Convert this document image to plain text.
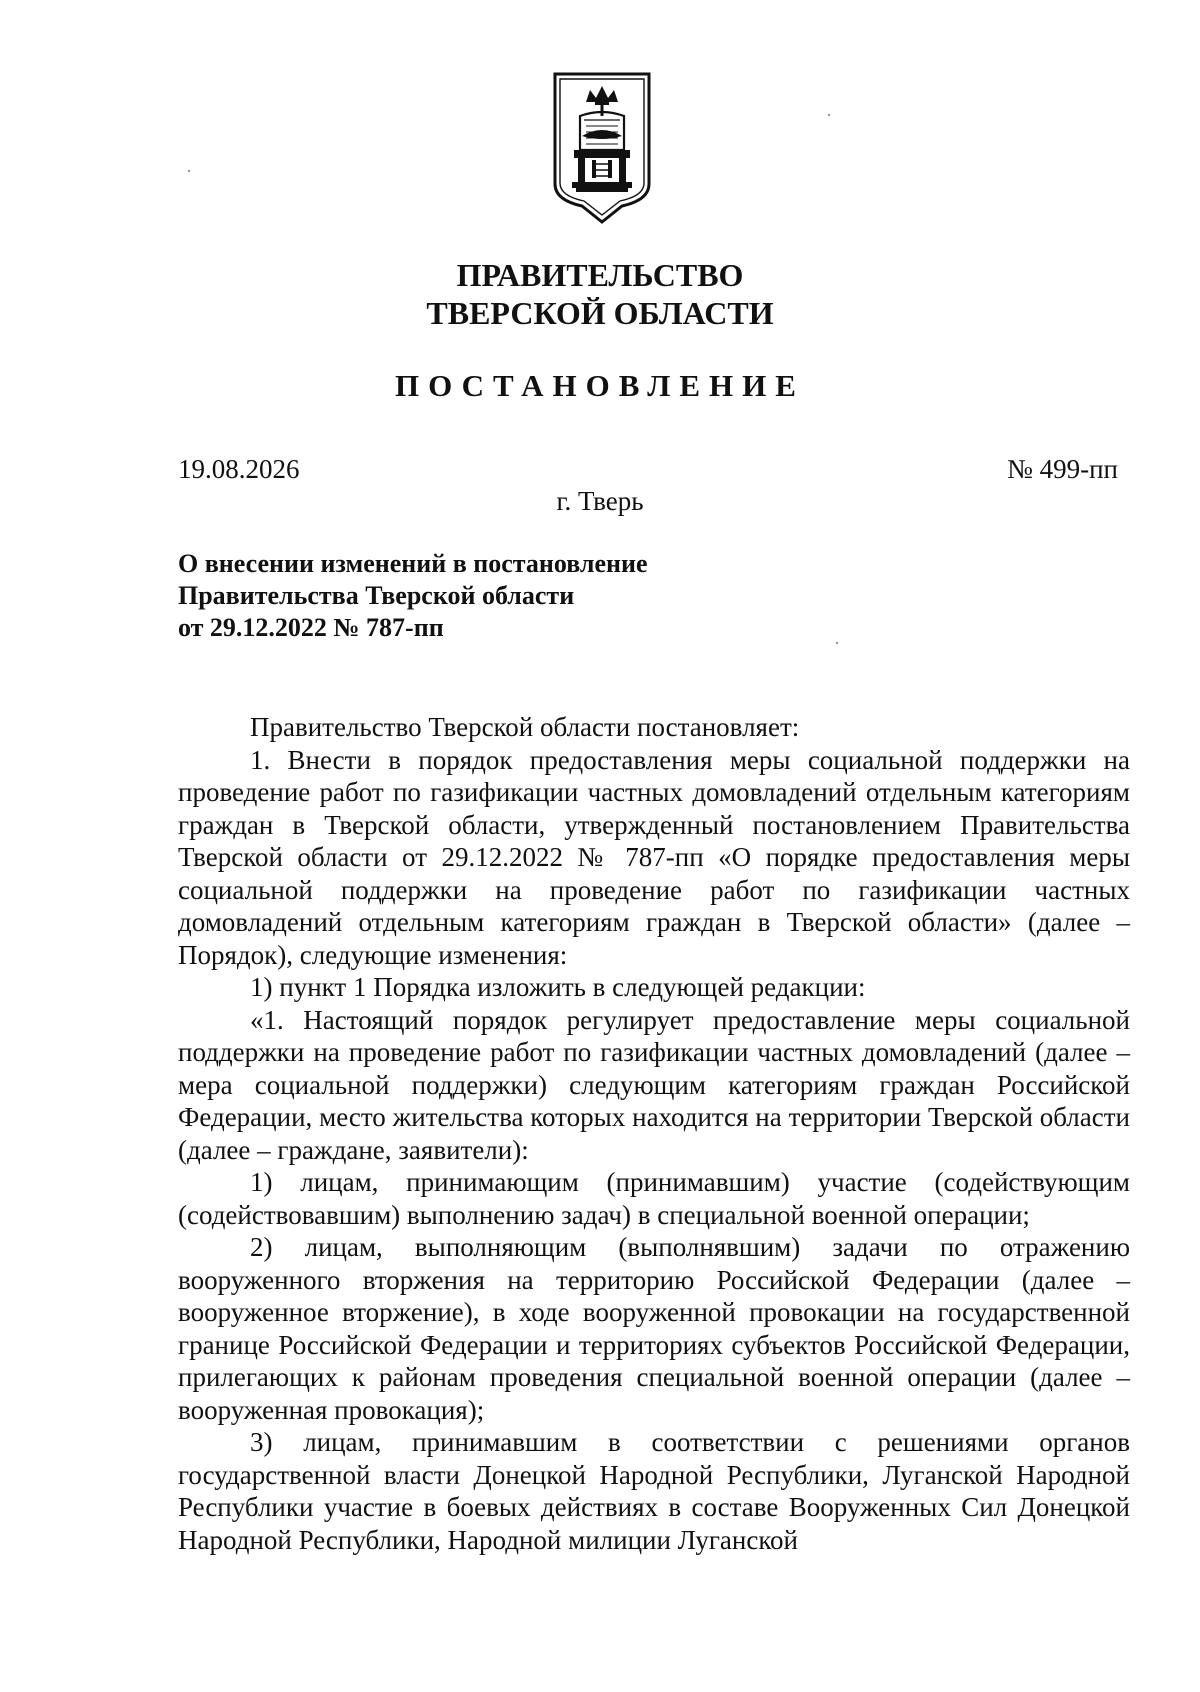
ПРАВИТЕЛЬСТВО
ТВЕРСКОЙ ОБЛАСТИ
ПОСТАНОВЛЕНИЕ
19.08.2026	№ 499-пп
г. Тверь
О внесении изменений в постановление
Правительства Тверской области
от 29.12.2022 № 787-пп

Правительство Тверской области постановляет:

1. Внести в порядок предоставления меры социальной поддержки на проведение работ по газификации частных домовладений отдельным категориям граждан в Тверской области, утвержденный постановлением Правительства Тверской области от 29.12.2022 № 787-пп «О порядке предоставления меры социальной поддержки на проведение работ по газификации частных домовладений отдельным категориям граждан в Тверской области» (далее – Порядок), следующие изменения:

1) пункт 1 Порядка изложить в следующей редакции:

«1. Настоящий порядок регулирует предоставление меры социальной поддержки на проведение работ по газификации частных домовладений (далее – мера социальной поддержки) следующим категориям граждан Российской Федерации, место жительства которых находится на территории Тверской области (далее – граждане, заявители):

1) лицам, принимающим (принимавшим) участие (содействующим (содействовавшим) выполнению задач) в специальной военной операции;

2) лицам, выполняющим (выполнявшим) задачи по отражению вооруженного вторжения на территорию Российской Федерации (далее – вооруженное вторжение), в ходе вооруженной провокации на государственной границе Российской Федерации и территориях субъектов Российской Федерации, прилегающих к районам проведения специальной военной операции (далее – вооруженная провокация);

3) лицам, принимавшим в соответствии с решениями органов государственной власти Донецкой Народной Республики, Луганской Народной Республики участие в боевых действиях в составе Вооруженных Сил Донецкой Народной Республики, Народной милиции Луганской
